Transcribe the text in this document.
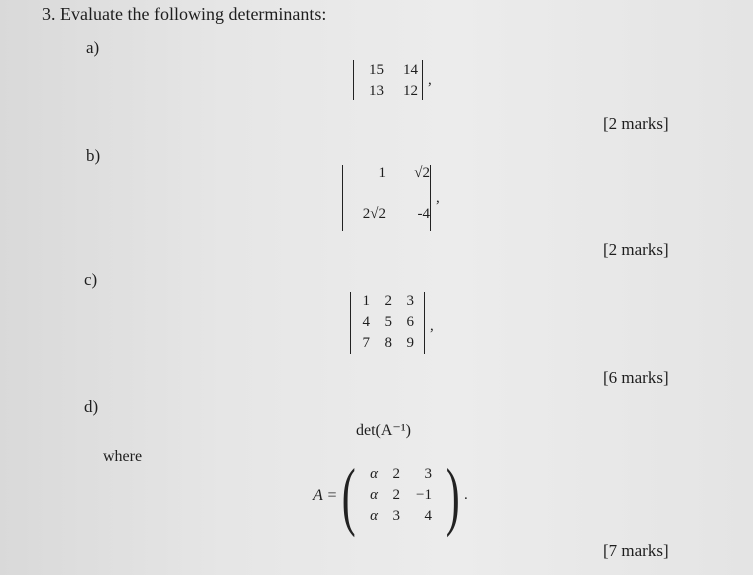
3. Evaluate the following determinants:
a)
15	14
13	12
,
[2 marks]
b)
1	√2
2√2	-4
,
[2 marks]
c)
1 2 3
4 5 6
7 8 9
,
[6 marks]
d)
det(A⁻¹)
where
A = ( α 2	3
α 2	−1
α 3	4 ) .
[7 marks]
